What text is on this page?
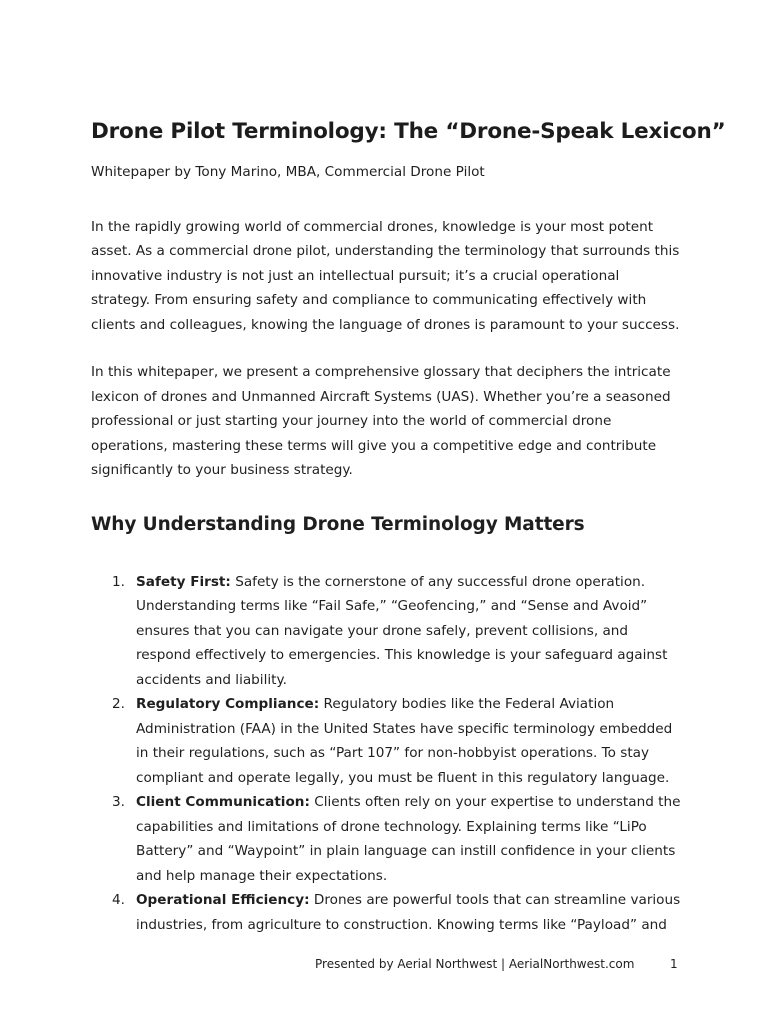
Drone Pilot Terminology: The “Drone-Speak Lexicon”

Whitepaper by Tony Marino, MBA, Commercial Drone Pilot

In the rapidly growing world of commercial drones, knowledge is your most potent asset. As a commercial drone pilot, understanding the terminology that surrounds this innovative industry is not just an intellectual pursuit; it’s a crucial operational strategy. From ensuring safety and compliance to communicating effectively with clients and colleagues, knowing the language of drones is paramount to your success.

In this whitepaper, we present a comprehensive glossary that deciphers the intricate lexicon of drones and Unmanned Aircraft Systems (UAS). Whether you’re a seasoned professional or just starting your journey into the world of commercial drone operations, mastering these terms will give you a competitive edge and contribute significantly to your business strategy.

Why Understanding Drone Terminology Matters
1. Safety First: Safety is the cornerstone of any successful drone operation. Understanding terms like “Fail Safe,” “Geofencing,” and “Sense and Avoid” ensures that you can navigate your drone safely, prevent collisions, and respond effectively to emergencies. This knowledge is your safeguard against accidents and liability.
2. Regulatory Compliance: Regulatory bodies like the Federal Aviation Administration (FAA) in the United States have specific terminology embedded in their regulations, such as “Part 107” for non-hobbyist operations. To stay compliant and operate legally, you must be fluent in this regulatory language.
3. Client Communication: Clients often rely on your expertise to understand the capabilities and limitations of drone technology. Explaining terms like “LiPo Battery” and “Waypoint” in plain language can instill confidence in your clients and help manage their expectations.
4. Operational Efficiency: Drones are powerful tools that can streamline various industries, from agriculture to construction. Knowing terms like “Payload” and
Presented by Aerial Northwest | AerialNorthwest.com	1
